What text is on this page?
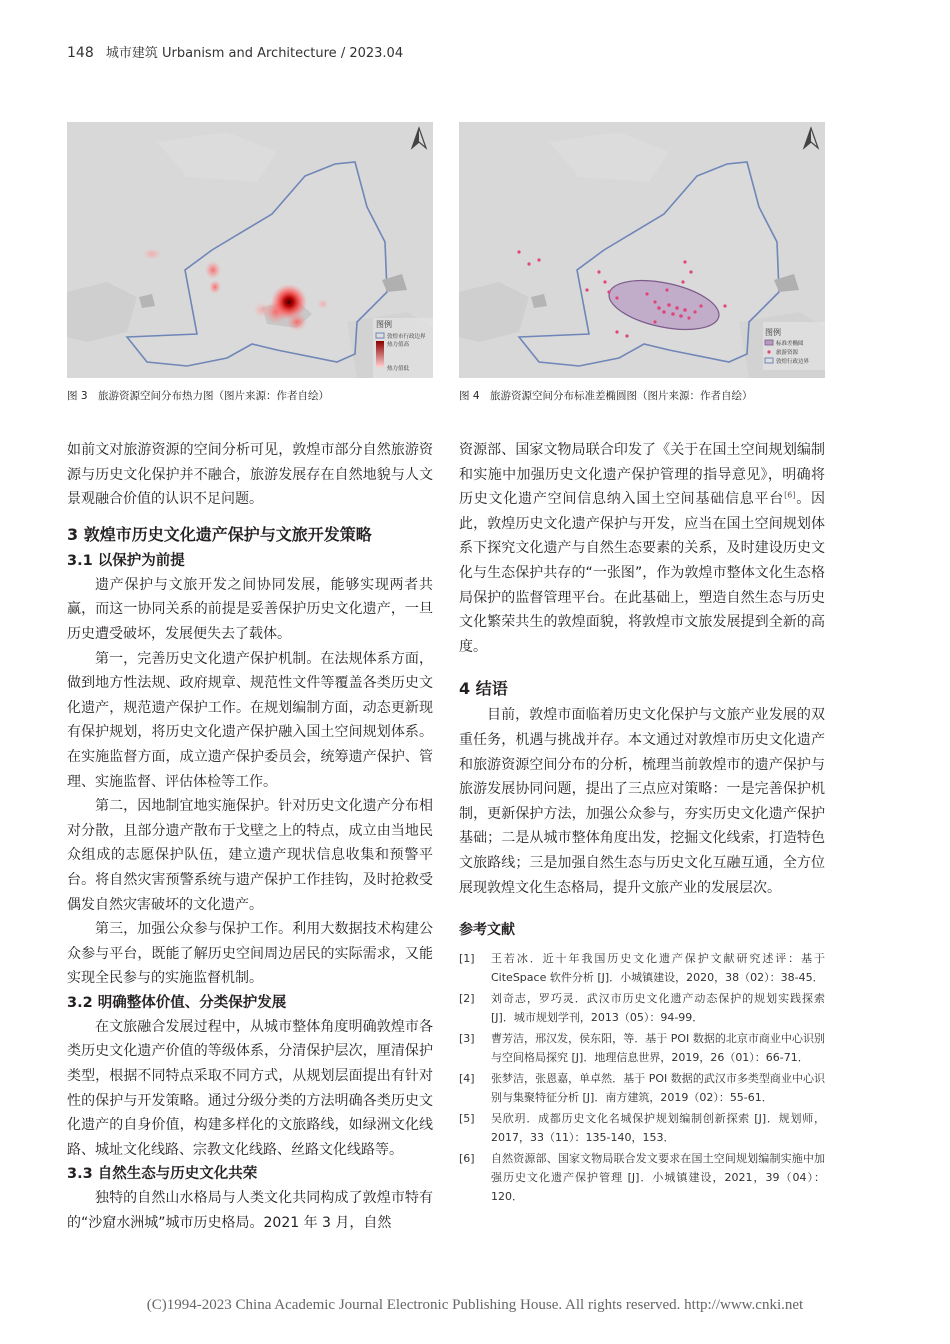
148 城市建筑 Urbanism and Architecture / 2023.04
图例
敦煌市行政边界
热力值高
热力值低
图例
标准差椭圆
旅游资源
敦煌行政边界
图 3　旅游资源空间分布热力图（图片来源：作者自绘）	图 4　旅游资源空间分布标准差椭圆图（图片来源：作者自绘）

如前文对旅游资源的空间分析可见，敦煌市部分自然旅游资源与历史文化保护并不融合，旅游发展存在自然地貌与人文景观融合价值的认识不足问题。

3 敦煌市历史文化遗产保护与文旅开发策略

3.1 以保护为前提

遗产保护与文旅开发之间协同发展，能够实现两者共赢，而这一协同关系的前提是妥善保护历史文化遗产，一旦历史遭受破坏，发展便失去了载体。

第一，完善历史文化遗产保护机制。在法规体系方面，做到地方性法规、政府规章、规范性文件等覆盖各类历史文化遗产，规范遗产保护工作。在规划编制方面，动态更新现有保护规划，将历史文化遗产保护融入国土空间规划体系。在实施监督方面，成立遗产保护委员会，统筹遗产保护、管理、实施监督、评估体检等工作。

第二，因地制宜地实施保护。针对历史文化遗产分布相对分散，且部分遗产散布于戈壁之上的特点，成立由当地民众组成的志愿保护队伍，建立遗产现状信息收集和预警平台。将自然灾害预警系统与遗产保护工作挂钩，及时抢救受偶发自然灾害破坏的文化遗产。

第三，加强公众参与保护工作。利用大数据技术构建公众参与平台，既能了解历史空间周边居民的实际需求，又能实现全民参与的实施监督机制。

3.2 明确整体价值、分类保护发展

在文旅融合发展过程中，从城市整体角度明确敦煌市各类历史文化遗产价值的等级体系，分清保护层次，厘清保护类型，根据不同特点采取不同方式，从规划层面提出有针对性的保护与开发策略。通过分级分类的方法明确各类历史文化遗产的自身价值，构建多样化的文旅路线，如绿洲文化线路、城址文化线路、宗教文化线路、丝路文化线路等。

3.3 自然生态与历史文化共荣

独特的自然山水格局与人类文化共同构成了敦煌市特有的“沙窟水洲城”城市历史格局。2021 年 3 月，自然

资源部、国家文物局联合印发了《关于在国土空间规划编制和实施中加强历史文化遗产保护管理的指导意见》，明确将历史文化遗产空间信息纳入国土空间基础信息平台[6]。因此，敦煌历史文化遗产保护与开发，应当在国土空间规划体系下探究文化遗产与自然生态要素的关系，及时建设历史文化与生态保护共存的“一张图”，作为敦煌市整体文化生态格局保护的监督管理平台。在此基础上，塑造自然生态与历史文化繁荣共生的敦煌面貌，将敦煌市文旅发展提到全新的高度。

4 结语

目前，敦煌市面临着历史文化保护与文旅产业发展的双重任务，机遇与挑战并存。本文通过对敦煌市历史文化遗产和旅游资源空间分布的分析，梳理当前敦煌市的遗产保护与旅游发展协同问题，提出了三点应对策略：一是完善保护机制，更新保护方法，加强公众参与，夯实历史文化遗产保护基础；二是从城市整体角度出发，挖掘文化线索，打造特色文旅路线；三是加强自然生态与历史文化互融互通，全方位展现敦煌文化生态格局，提升文旅产业的发展层次。

参考文献

[1]	王若冰．近十年我国历史文化遗产保护文献研究述评：基于 CiteSpace 软件分析 [J]．小城镇建设，2020，38（02）：38-45．
[2]	刘奇志，罗巧灵．武汉市历史文化遗产动态保护的规划实践探索 [J]．城市规划学刊，2013（05）：94-99．
[3]	曹芳洁，邢汉发，侯东阳，等．基于 POI 数据的北京市商业中心识别与空间格局探究 [J]．地理信息世界，2019，26（01）：66-71．
[4]	张梦洁，张恩嘉，单卓然．基于 POI 数据的武汉市多类型商业中心识别与集聚特征分析 [J]．南方建筑，2019（02）：55-61．
[5]	吴欣玥．成都历史文化名城保护规划编制创新探索 [J]．规划师，2017，33（11）：135-140，153．
[6]	自然资源部、国家文物局联合发文要求在国土空间规划编制实施中加强历史文化遗产保护管理 [J]．小城镇建设，2021，39（04）：120．
(C)1994-2023 China Academic Journal Electronic Publishing House. All rights reserved. http://www.cnki.net
